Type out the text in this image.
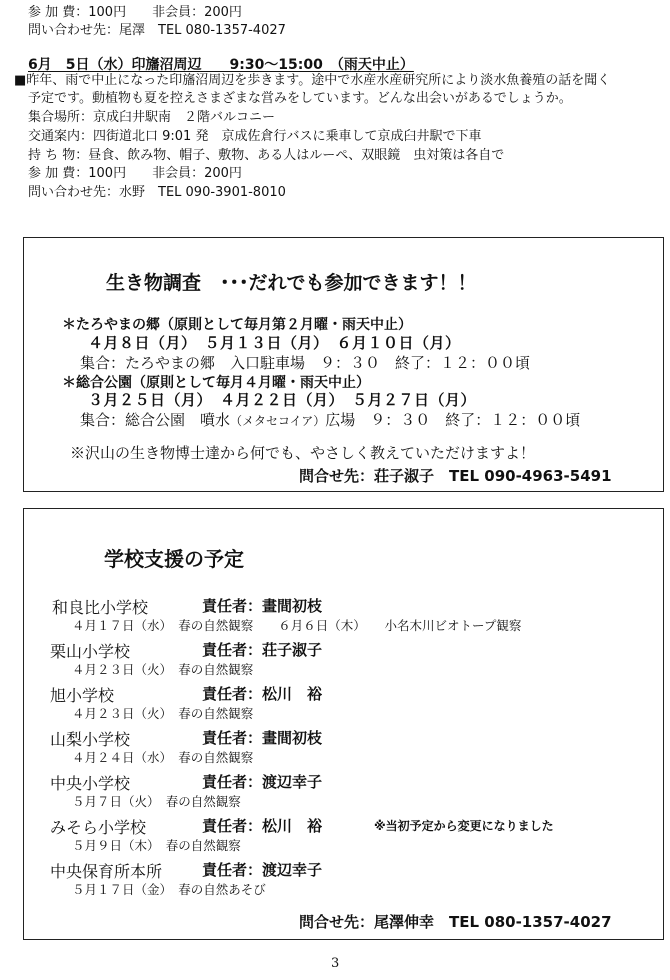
参 加 費：100円　　非会員：200円
問い合わせ先：尾澤　TEL 080-1357-4027
6月　5日（水）印旛沼周辺　　9:30～15:00　（雨天中止）
■昨年、雨で中止になった印旛沼周辺を歩きます。途中で水産水産研究所により淡水魚養殖の話を聞く
予定です。動植物も夏を控えさまざまな営みをしています。どんな出会いがあるでしょうか。
集合場所：京成臼井駅南　２階バルコニー
交通案内：四街道北口 9:01 発　京成佐倉行バスに乗車して京成臼井駅で下車
持 ち 物：昼食、飲み物、帽子、敷物、ある人はルーペ、双眼鏡　虫対策は各自で
参 加 費：100円　　非会員：200円
問い合わせ先：水野　TEL 090-3901-8010
生き物調査　･･･だれでも参加できます！！
＊たろやまの郷（原則として毎月第２月曜・雨天中止）
４月８日（月）　５月１３日（月）　６月１０日（月）
集合：たろやまの郷　入口駐車場　９：３０　終了：１２：００頃
＊総合公園（原則として毎月４月曜・雨天中止）
３月２５日（月）　４月２２日（月）　５月２７日（月）
集合：総合公園　噴水（メタセコイア）広場　９：３０　終了：１２：００頃
※沢山の生き物博士達から何でも、やさしく教えていただけますよ！
問合せ先：荘子淑子　TEL 090-4963-5491
学校支援の予定
和良比小学校	責任者：畫間初枝
４月１７日（水）　春の自然観察　　６月６日（木）　　小名木川ビオトープ観察
栗山小学校	責任者：荘子淑子
４月２３日（火）　春の自然観察
旭小学校	責任者：松川　裕
４月２３日（火）　春の自然観察
山梨小学校	責任者：畫間初枝
４月２４日（水）　春の自然観察
中央小学校	責任者：渡辺幸子
５月７日（火）　春の自然観察
みそら小学校	責任者：松川　裕	※当初予定から変更になりました
５月９日（木）　春の自然観察
中央保育所本所	責任者：渡辺幸子
５月１７日（金）　春の自然あそび
問合せ先：尾澤伸幸　TEL 080-1357-4027
3
